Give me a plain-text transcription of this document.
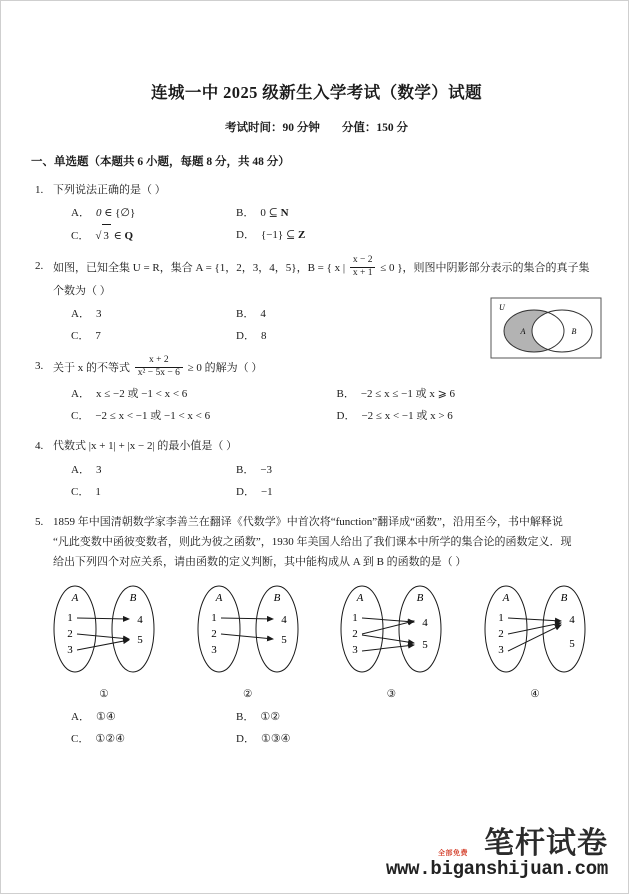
连城一中 2025 级新生入学考试（数学）试题
考试时间：90 分钟 分值：150 分
一、单选题（本题共 6 小题，每题 8 分，共 48 分）
1. 下列说法正确的是（ ）
A． 0 ∈ {∅}	B． 0 ⊆ N
C． √ 3 ∈ Q	D． {−1} ⊆ Z
2. 如图，已知全集 U = R，集合 A = {1，2，3，4，5}，B = { x | $\frac{x - 2}{x + 1} \le 0$ }，则图中阴影部分表示的集合的真子集
个数为（ ）
A． 3	B． 4
C． 7	D． 8
3. 关于 x 的不等式 $\frac{x + 2}{\text{x² − 5x − 6}} \ge 0$ 的解为（ ）
A． x ≤ −2 或 −1 < x < 6	B． −2 ≤ x ≤ −1 或 x ⩾ 6
C． −2 ≤ x < −1 或 −1 < x < 6	D． −2 ≤ x < −1 或 x > 6
4. 代数式 |x + 1| + |x − 2| 的最小值是（ ）
A． 3	B． −3
C． 1	D． −1
5. 1859 年中国清朝数学家李善兰在翻译《代数学》中首次将“function”翻译成“函数”，沿用至今，书中解释说
“凡此变数中函彼变数者，则此为彼之函数”，1930 年美国人给出了我们课本中所学的集合论的函数定义．现
给出下列四个对应关系，请由函数的定义判断，其中能构成从 A 到 B 的函数的是（ ）
A	B
1
2
3
4
5
①
A	B
1
2
3
4
5
②
A	B
1
2
3
4
5
③
A	B
1
2
3
4
5
④
A． ①④	B． ①②
C． ①②④	D． ①③④
U
A	B
笔杆试卷
www.biganshijuan.com
全部免费
